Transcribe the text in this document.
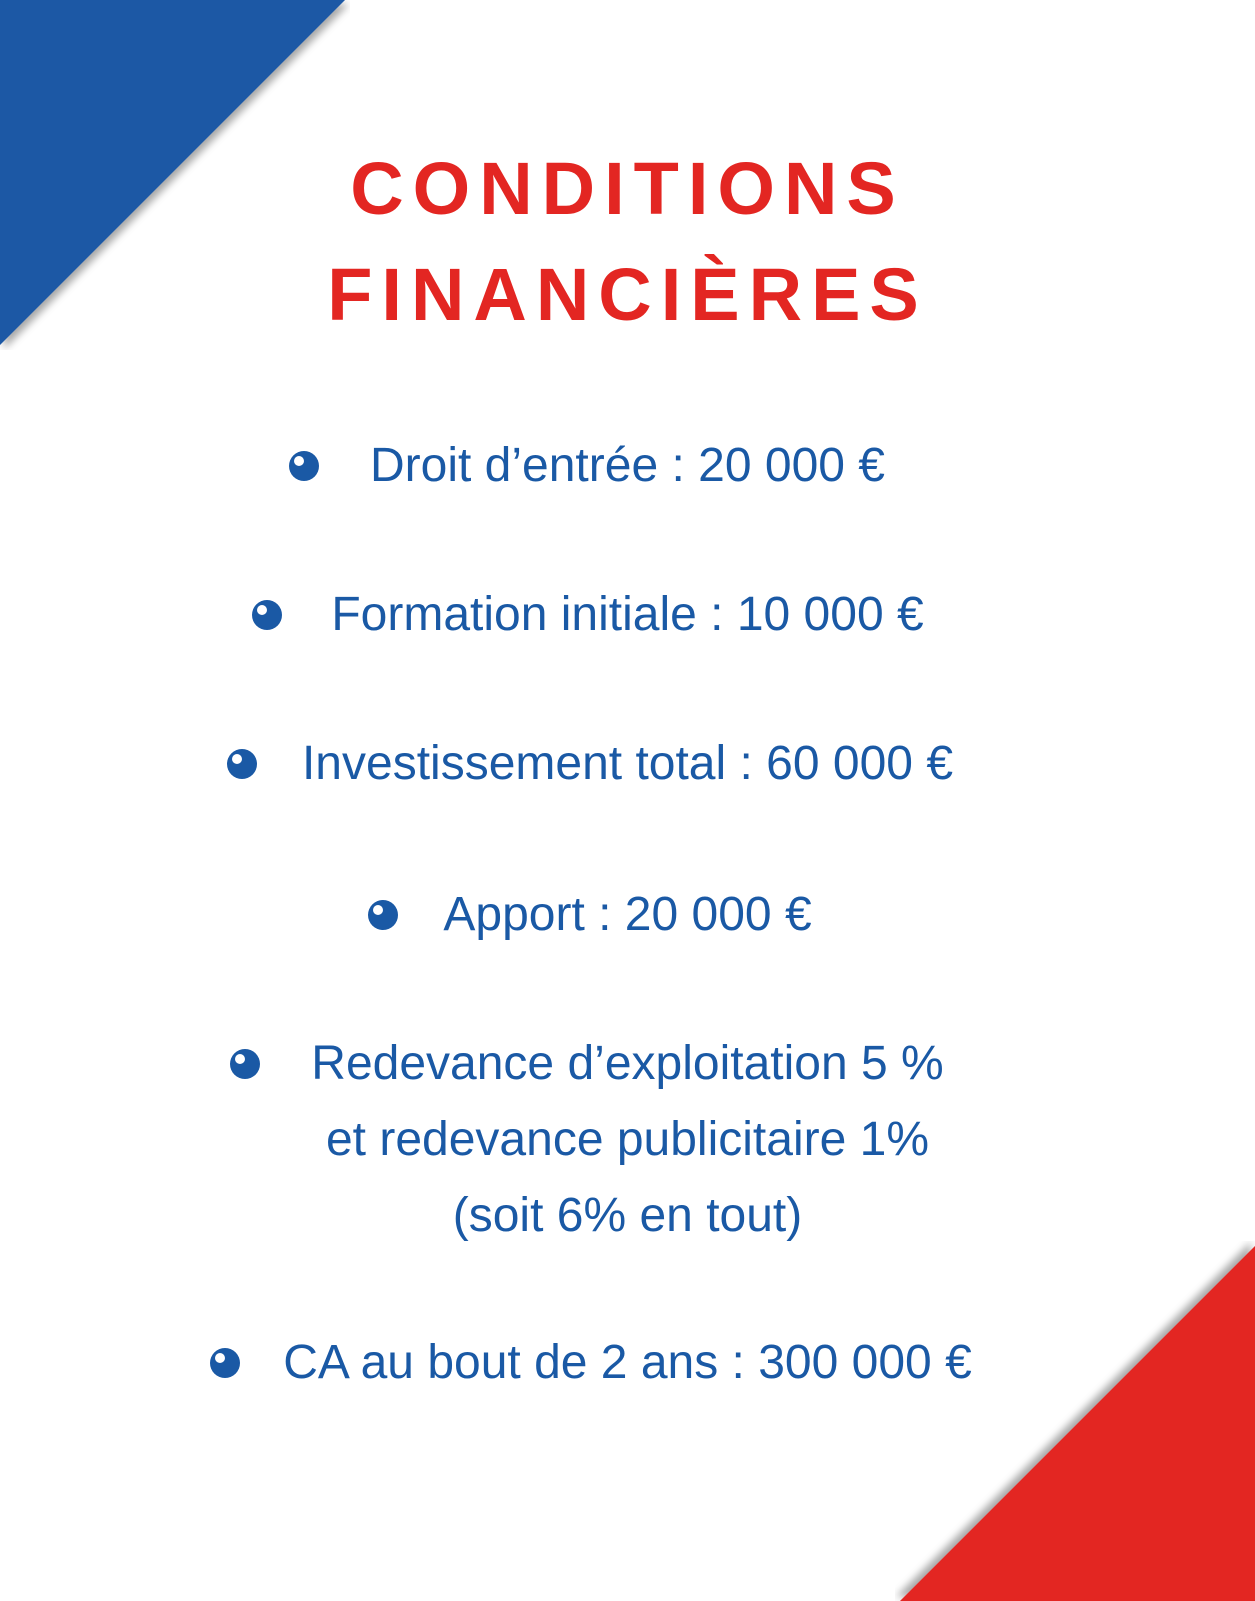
CONDITIONS
FINANCIÈRES
Droit d’entrée : 20 000 €
Formation initiale : 10 000 €
Investissement total : 60 000 €
Apport : 20 000 €
Redevance d’exploitation 5 %
et redevance publicitaire 1%
(soit 6% en tout)
CA au bout de 2 ans : 300 000 €
